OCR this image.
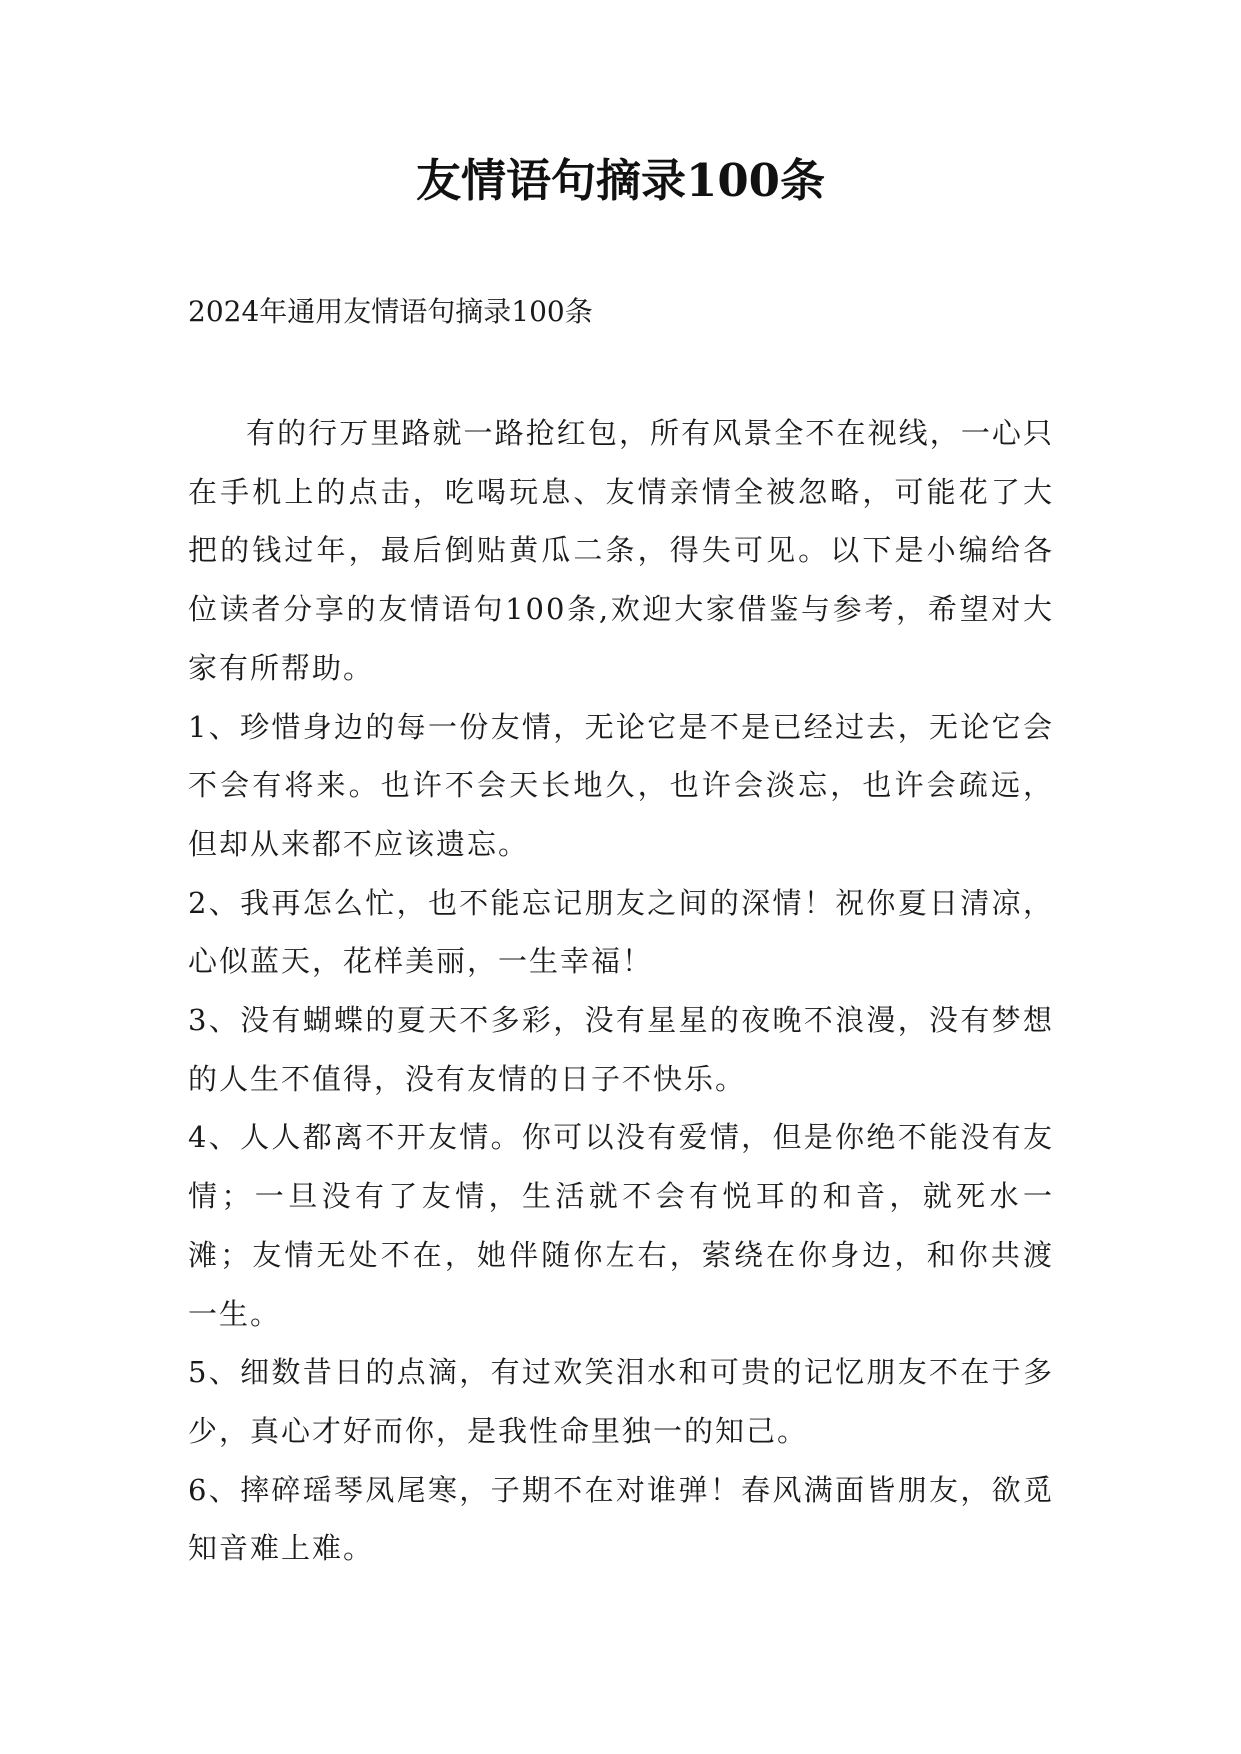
友情语句摘录100条

2024年通用友情语句摘录100条

有的行万里路就一路抢红包，所有风景全不在视线，一心只在手机上的点击，吃喝玩息、友情亲情全被忽略，可能花了大把的钱过年，最后倒贴黄瓜二条，得失可见。以下是小编给各位读者分享的友情语句100条,欢迎大家借鉴与参考，希望对大家有所帮助。

1、珍惜身边的每一份友情，无论它是不是已经过去，无论它会不会有将来。也许不会天长地久，也许会淡忘，也许会疏远，但却从来都不应该遗忘。

2、我再怎么忙，也不能忘记朋友之间的深情！祝你夏日清凉，心似蓝天，花样美丽，一生幸福！

3、没有蝴蝶的夏天不多彩，没有星星的夜晚不浪漫，没有梦想的人生不值得，没有友情的日子不快乐。

4、人人都离不开友情。你可以没有爱情，但是你绝不能没有友情；一旦没有了友情，生活就不会有悦耳的和音，就死水一滩；友情无处不在，她伴随你左右，萦绕在你身边，和你共渡一生。

5、细数昔日的点滴，有过欢笑泪水和可贵的记忆朋友不在于多少，真心才好而你，是我性命里独一的知己。

6、摔碎瑶琴凤尾寒，子期不在对谁弹！春风满面皆朋友，欲觅知音难上难。
